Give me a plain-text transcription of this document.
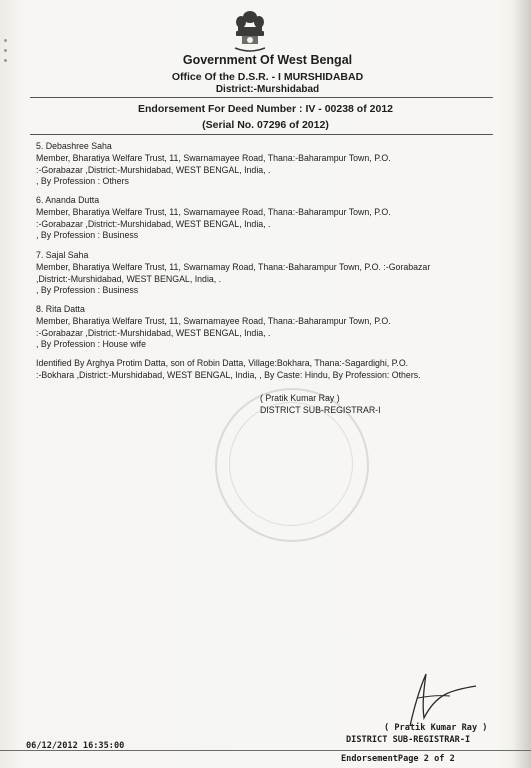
Government Of West Bengal
Office Of the D.S.R. - I MURSHIDABAD
District:-Murshidabad
Endorsement For Deed Number : IV - 00238 of 2012
(Serial No. 07296 of 2012)
5. Debashree Saha
Member, Bharatiya Welfare Trust, 11, Swarnamayee Road, Thana:-Baharampur Town, P.O.
:-Gorabazar ,District:-Murshidabad, WEST BENGAL, India, .
, By Profession : Others
6. Ananda Dutta
Member, Bharatiya Welfare Trust, 11, Swarnamayee Road, Thana:-Baharampur Town, P.O.
:-Gorabazar ,District:-Murshidabad, WEST BENGAL, India, .
, By Profession : Business
7. Sajal Saha
Member, Bharatiya Welfare Trust, 11, Swarnamay Road, Thana:-Baharampur Town, P.O. :-Gorabazar
,District:-Murshidabad, WEST BENGAL, India, .
, By Profession : Business
8. Rita Datta
Member, Bharatiya Welfare Trust, 11, Swarnamayee Road, Thana:-Baharampur Town, P.O.
:-Gorabazar ,District:-Murshidabad, WEST BENGAL, India, .
, By Profession : House wife
Identified By Arghya Protim Datta, son of Robin Datta, Village:Bokhara, Thana:-Sagardighi, P.O.
:-Bokhara ,District:-Murshidabad, WEST BENGAL, India, , By Caste: Hindu, By Profession: Others.
( Pratik Kumar Ray )
DISTRICT SUB-REGISTRAR-I
( Pratik Kumar Ray )
DISTRICT SUB-REGISTRAR-I
06/12/2012 16:35:00
EndorsementPage 2 of 2
